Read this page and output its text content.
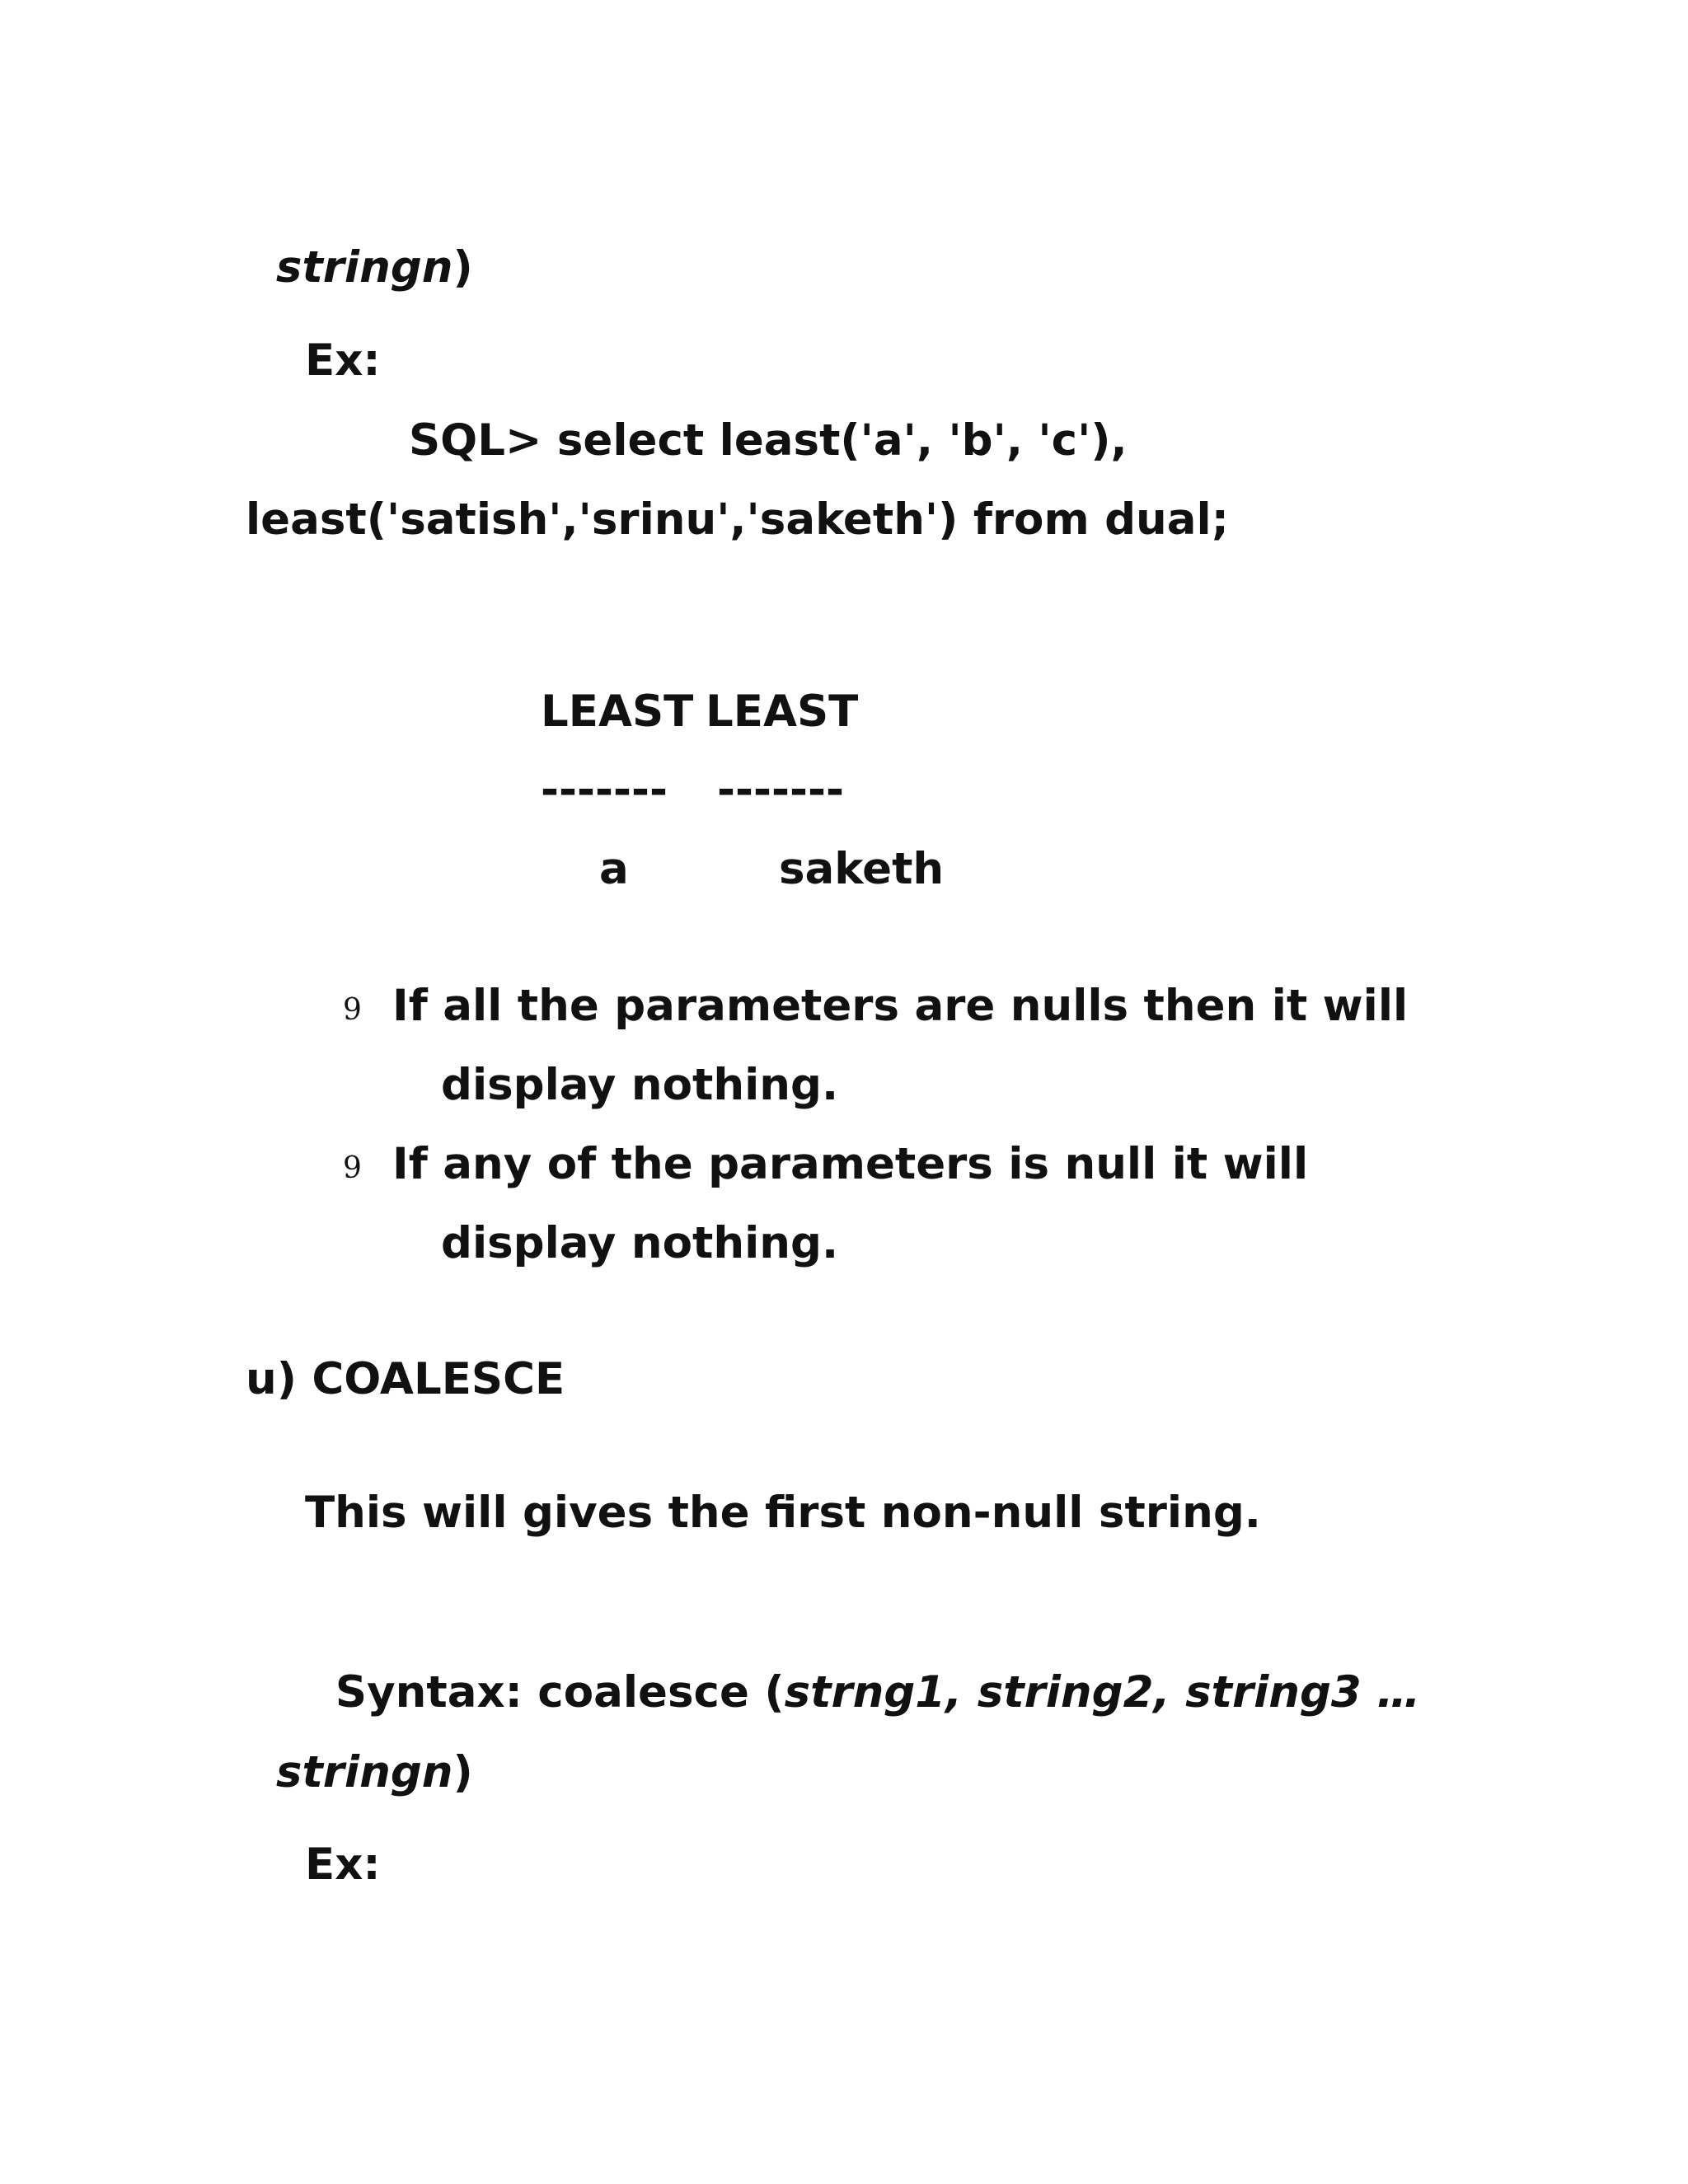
stringn)

Ex:
SQL> select least('a', 'b', 'c'),
least('satish','srinu','saketh') from dual;
LEAST LEAST
------- -------
a	saketh
9 If all the parameters are nulls then it will
display nothing.
9 If any of the parameters is null it will
display nothing.
u) COALESCE
This will gives the first non-null string.

Syntax: coalesce (strng1, string2, string3 …

stringn)

Ex:
